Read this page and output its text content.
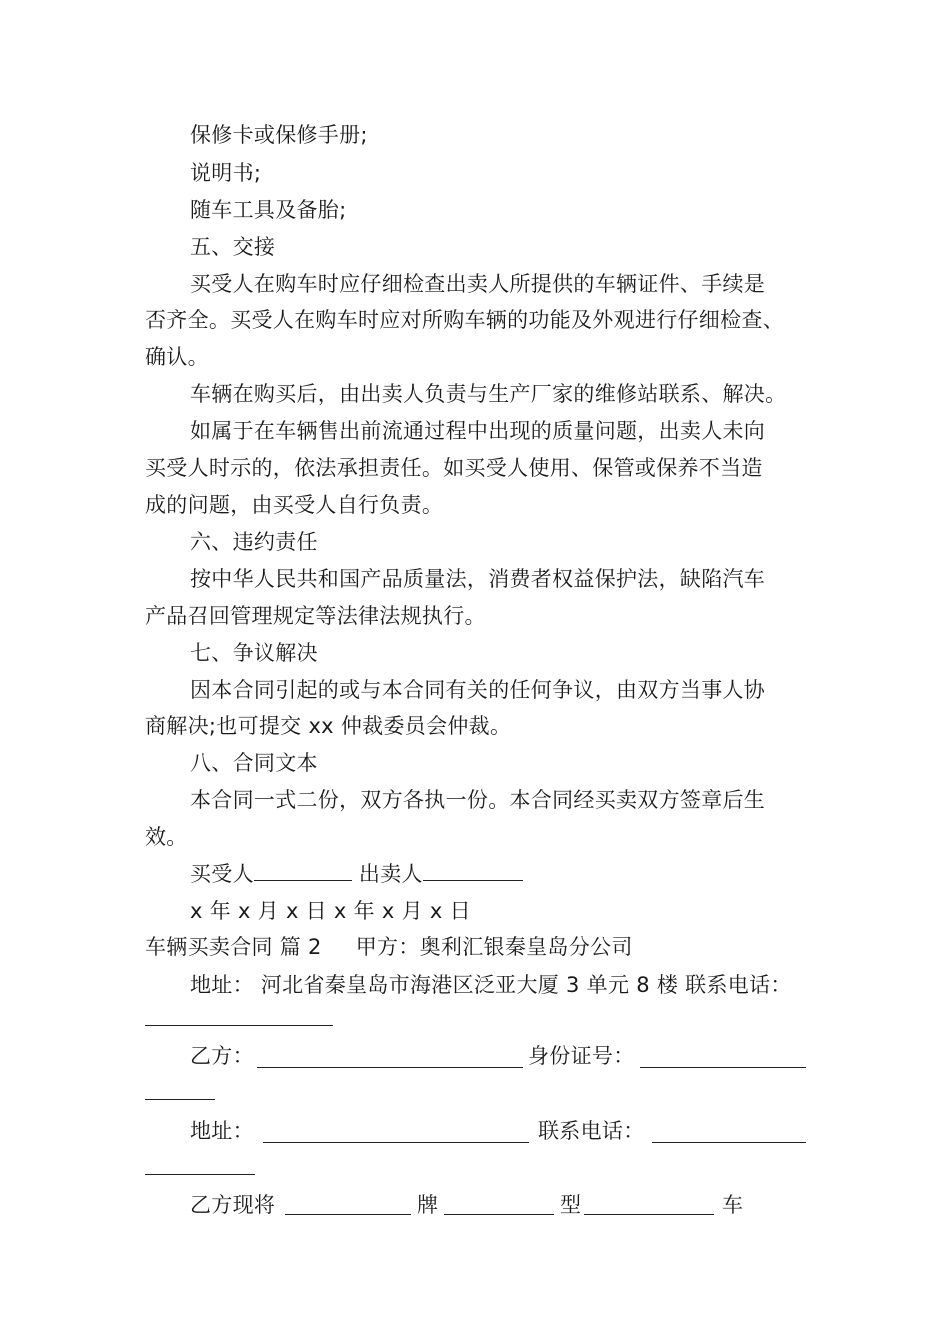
保修卡或保修手册;
说明书;
随车工具及备胎;
五、交接
买受人在购车时应仔细检查出卖人所提供的车辆证件、手续是
否齐全。买受人在购车时应对所购车辆的功能及外观进行仔细检查、
确认。
车辆在购买后，由出卖人负责与生产厂家的维修站联系、解决。
如属于在车辆售出前流通过程中出现的质量问题，出卖人未向
买受人时示的，依法承担责任。如买受人使用、保管或保养不当造
成的问题，由买受人自行负责。
六、违约责任
按中华人民共和国产品质量法，消费者权益保护法，缺陷汽车
产品召回管理规定等法律法规执行。
七、争议解决
因本合同引起的或与本合同有关的任何争议，由双方当事人协
商解决;也可提交 xx 仲裁委员会仲裁。
八、合同文本
本合同一式二份，双方各执一份。本合同经买卖双方签章后生
效。
买受人	出卖人
x 年 x 月 x 日 x 年 x 月 x 日
车辆买卖合同 篇 2 甲方：奥利汇银秦皇岛分公司
地址： 河北省秦皇岛市海港区泛亚大厦 3 单元 8 楼 联系电话：
乙方：	身份证号：
地址：	联系电话：
乙方现将	牌	型	车
